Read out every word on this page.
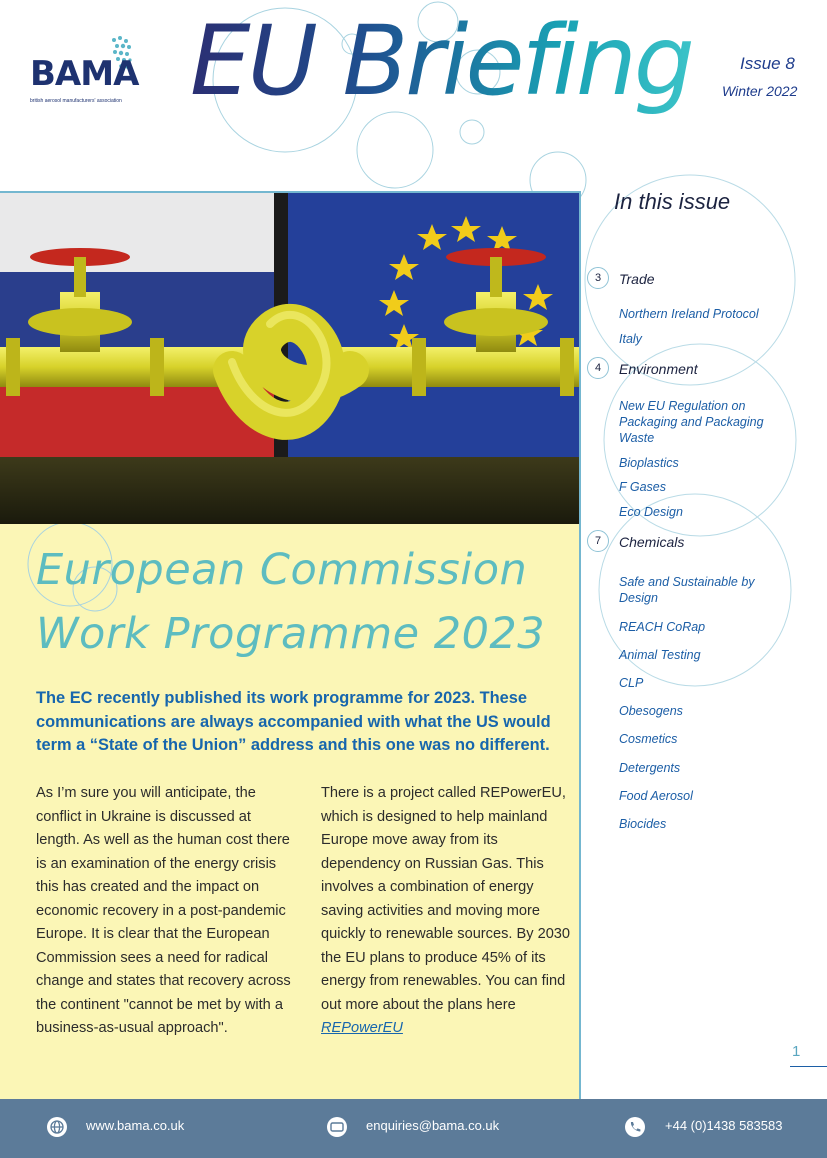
BAMA
british aerosol manufacturers' association EU Briefing	Issue 8
Winter 2022
European Commission
Work Programme 2023
The EC recently published its work programme for 2023. These communications are always accompanied with what the US would term a “State of the Union” address and this one was no different.
As I’m sure you will anticipate, the conflict in Ukraine is discussed at length. As well as the human cost there is an examination of the energy crisis this has created and the impact on economic recovery in a post-pandemic Europe. It is clear that the European Commission sees a need for radical change and states that recovery across the continent "cannot be met by with a business-as-usual approach".
There is a project called REPowerEU, which is designed to help mainland Europe move away from its dependency on Russian Gas. This involves a combination of energy saving activities and moving more quickly to renewable sources. By 2030 the EU plans to produce 45% of its energy from renewables. You can find out more about the plans here REPowerEU
In this issue
3	Trade
Northern Ireland Protocol
Italy
4	Environment
New EU Regulation on Packaging and Packaging Waste
Bioplastics
F Gases
Eco Design
7	Chemicals
Safe and Sustainable by Design
REACH CoRap
Animal Testing
CLP
Obesogens
Cosmetics
Detergents
Food Aerosol
Biocides
1
www.bama.co.uk	enquiries@bama.co.uk	+44 (0)1438 583583
